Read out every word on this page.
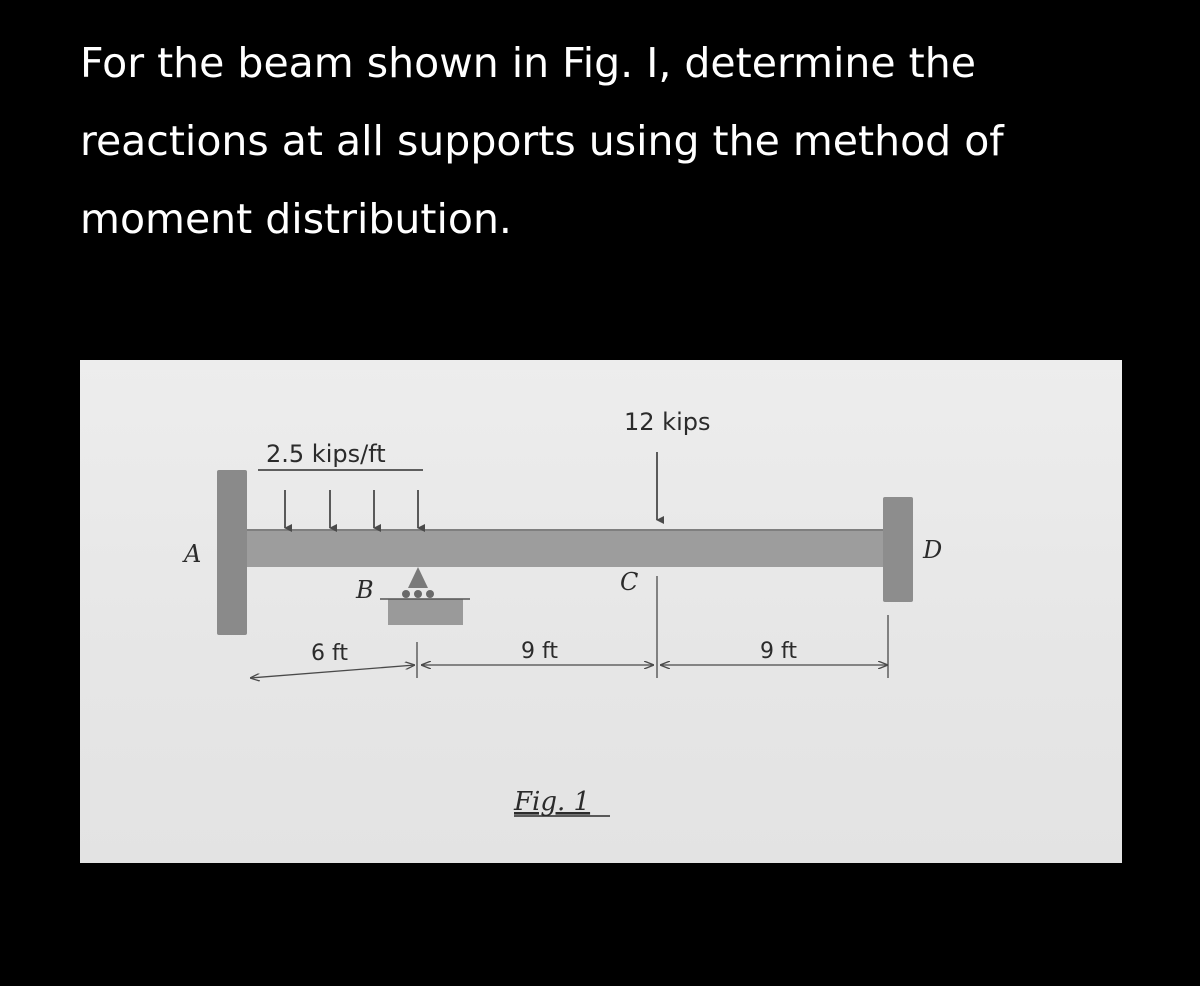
For the beam shown in Fig. I, determine the reactions at all supports using the method of moment distribution.

2.5 kips/ft
12 kips
A
B	C
D
6 ft	9 ft	9 ft
Fig. 1
